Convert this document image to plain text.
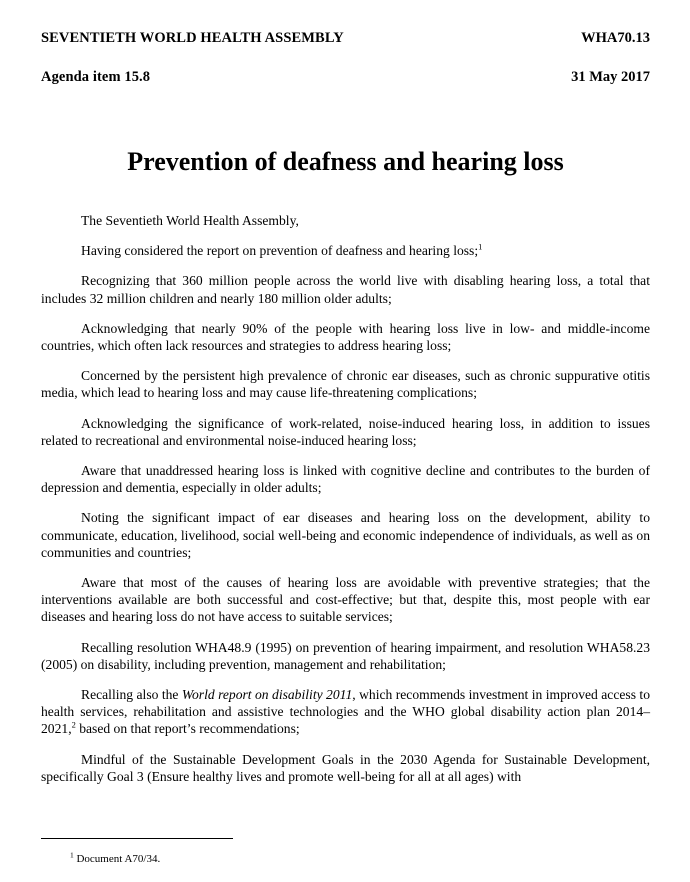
SEVENTIETH WORLD HEALTH ASSEMBLY	WHA70.13
Agenda item 15.8	31 May 2017
Prevention of deafness and hearing loss

The Seventieth World Health Assembly,

Having considered the report on prevention of deafness and hearing loss;$^1$

Recognizing that 360 million people across the world live with disabling hearing loss, a total that includes 32 million children and nearly 180 million older adults;

Acknowledging that nearly 90% of the people with hearing loss live in low- and middle-income countries, which often lack resources and strategies to address hearing loss;

Concerned by the persistent high prevalence of chronic ear diseases, such as chronic suppurative otitis media, which lead to hearing loss and may cause life-threatening complications;

Acknowledging the significance of work-related, noise-induced hearing loss, in addition to issues related to recreational and environmental noise-induced hearing loss;

Aware that unaddressed hearing loss is linked with cognitive decline and contributes to the burden of depression and dementia, especially in older adults;

Noting the significant impact of ear diseases and hearing loss on the development, ability to communicate, education, livelihood, social well-being and economic independence of individuals, as well as on communities and countries;

Aware that most of the causes of hearing loss are avoidable with preventive strategies; that the interventions available are both successful and cost-effective; but that, despite this, most people with ear diseases and hearing loss do not have access to suitable services;

Recalling resolution WHA48.9 (1995) on prevention of hearing impairment, and resolution WHA58.23 (2005) on disability, including prevention, management and rehabilitation;

Recalling also the World report on disability 2011, which recommends investment in improved access to health services, rehabilitation and assistive technologies and the WHO global disability action plan 2014–2021,$^2$ based on that report’s recommendations;

Mindful of the Sustainable Development Goals in the 2030 Agenda for Sustainable Development, specifically Goal 3 (Ensure healthy lives and promote well-being for all at all ages) with

$^1$ Document A70/34.
